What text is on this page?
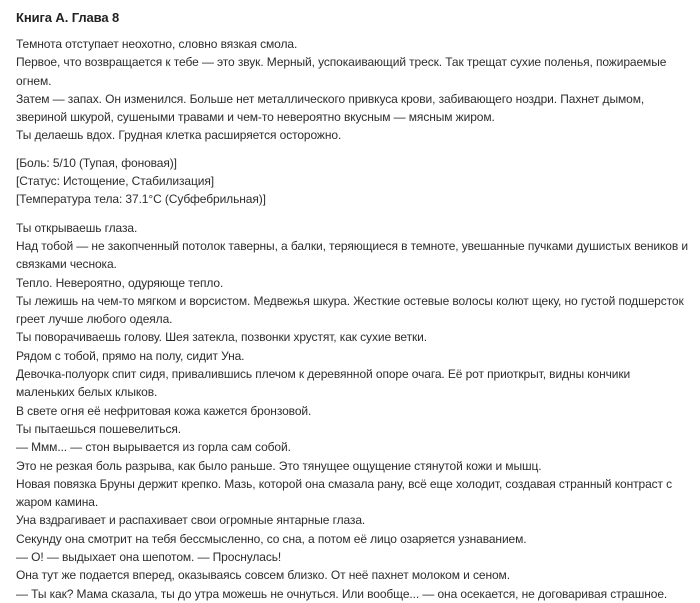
Книга А. Глава 8

Темнота отступает неохотно, словно вязкая смола.

Первое, что возвращается к тебе — это звук. Мерный, успокаивающий треск. Так трещат сухие поленья, пожираемые огнем.

Затем — запах. Он изменился. Больше нет металлического привкуса крови, забивающего ноздри. Пахнет дымом, звериной шкурой, сушеными травами и чем-то невероятно вкусным — мясным жиром.

Ты делаешь вдох. Грудная клетка расширяется осторожно.

[Боль: 5/10 (Тупая, фоновая)]

[Статус: Истощение, Стабилизация]

[Температура тела: 37.1°C (Субфебрильная)]

Ты открываешь глаза.

Над тобой — не закопченный потолок таверны, а балки, теряющиеся в темноте, увешанные пучками душистых веников и связками чеснока.

Тепло. Невероятно, одуряюще тепло.

Ты лежишь на чем-то мягком и ворсистом. Медвежья шкура. Жесткие остевые волосы колют щеку, но густой подшерсток греет лучше любого одеяла.

Ты поворачиваешь голову. Шея затекла, позвонки хрустят, как сухие ветки.

Рядом с тобой, прямо на полу, сидит Уна.

Девочка-полуорк спит сидя, привалившись плечом к деревянной опоре очага. Её рот приоткрыт, видны кончики маленьких белых клыков.

В свете огня её нефритовая кожа кажется бронзовой.

Ты пытаешься пошевелиться.

— Ммм... — стон вырывается из горла сам собой.

Это не резкая боль разрыва, как было раньше. Это тянущее ощущение стянутой кожи и мышц.

Новая повязка Бруны держит крепко. Мазь, которой она смазала рану, всё еще холодит, создавая странный контраст с жаром камина.

Уна вздрагивает и распахивает свои огромные янтарные глаза.

Секунду она смотрит на тебя бессмысленно, со сна, а потом её лицо озаряется узнаванием.

— О! — выдыхает она шепотом. — Проснулась!

Она тут же подается вперед, оказываясь совсем близко. От неё пахнет молоком и сеном.

— Ты как? Мама сказала, ты до утра можешь не очнуться. Или вообще... — она осекается, не договаривая страшное.
